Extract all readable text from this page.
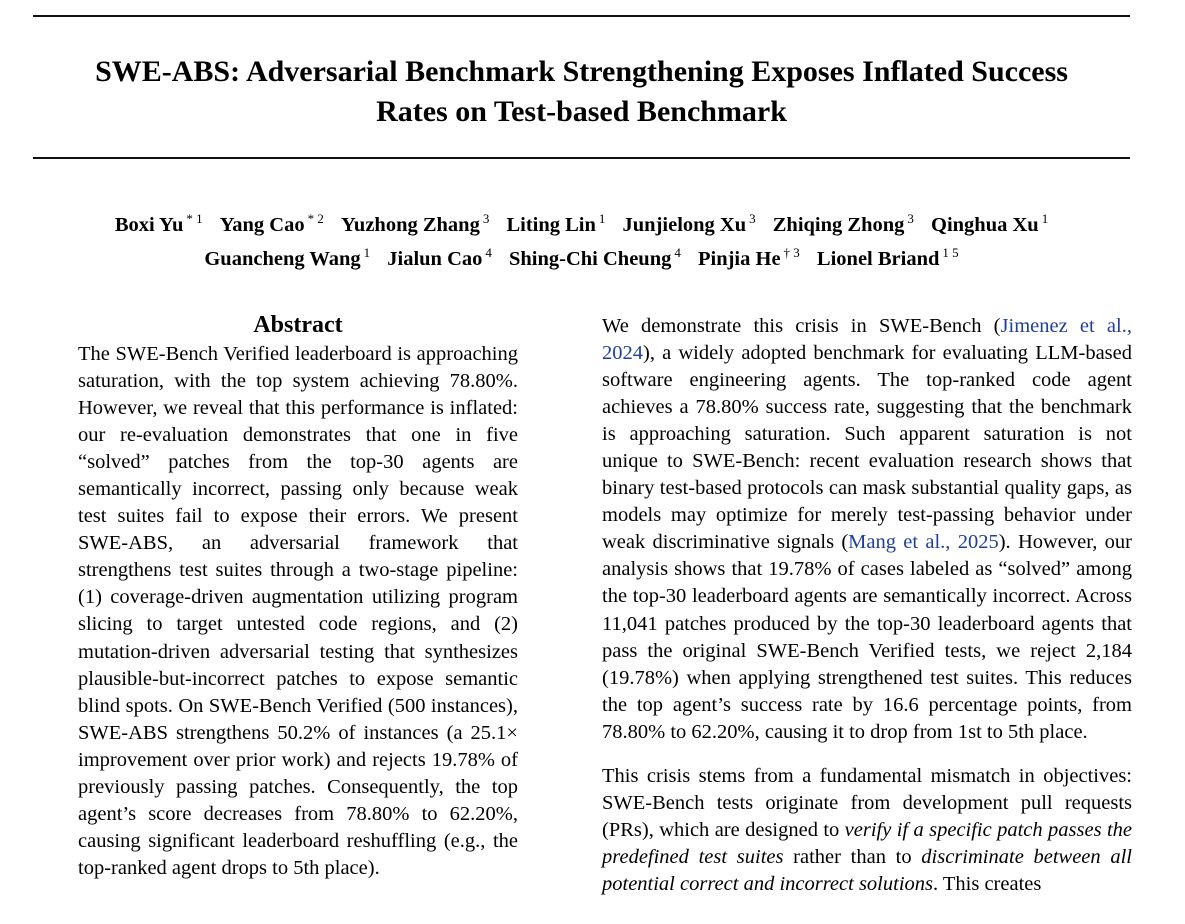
SWE-ABS: Adversarial Benchmark Strengthening Exposes Inflated Success
Rates on Test-based Benchmark
Boxi Yu $^{* 1}$ Yang Cao $^{* 2}$ Yuzhong Zhang $^3$ Liting Lin $^1$ Junjielong Xu $^3$ Zhiqing Zhong $^3$ Qinghua Xu $^1$
Guancheng Wang $^1$ Jialun Cao $^4$ Shing-Chi Cheung $^4$ Pinjia He $^{\dagger 3}$ Lionel Briand $^{1 5}$
Abstract

The SWE-Bench Verified leaderboard is approaching saturation, with the top system achieving 78.80%. However, we reveal that this performance is inflated: our re-evaluation demonstrates that one in five “solved” patches from the top-30 agents are semantically incorrect, passing only because weak test suites fail to expose their errors. We present SWE-ABS, an adversarial framework that strengthens test suites through a two-stage pipeline: (1) coverage-driven augmentation utilizing program slicing to target untested code regions, and (2) mutation-driven adversarial testing that synthesizes plausible-but-incorrect patches to expose semantic blind spots. On SWE-Bench Verified (500 instances), SWE-ABS strengthens 50.2% of instances (a 25.1× improvement over prior work) and rejects 19.78% of previously passing patches. Consequently, the top agent’s score decreases from 78.80% to 62.20%, causing significant leaderboard reshuffling (e.g., the top-ranked agent drops to 5th place).

We demonstrate this crisis in SWE-Bench (Jimenez et al., 2024), a widely adopted benchmark for evaluating LLM-based software engineering agents. The top-ranked code agent achieves a 78.80% success rate, suggesting that the benchmark is approaching saturation. Such apparent saturation is not unique to SWE-Bench: recent evaluation research shows that binary test-based protocols can mask substantial quality gaps, as models may optimize for merely test-passing behavior under weak discriminative signals (Mang et al., 2025). However, our analysis shows that 19.78% of cases labeled as “solved” among the top-30 leaderboard agents are semantically incorrect. Across 11,041 patches produced by the top-30 leaderboard agents that pass the original SWE-Bench Verified tests, we reject 2,184 (19.78%) when applying strengthened test suites. This reduces the top agent’s success rate by 16.6 percentage points, from 78.80% to 62.20%, causing it to drop from 1st to 5th place.

This crisis stems from a fundamental mismatch in objectives: SWE-Bench tests originate from development pull requests (PRs), which are designed to verify if a specific patch passes the predefined test suites rather than to discriminate between all potential correct and incorrect solutions. This creates
